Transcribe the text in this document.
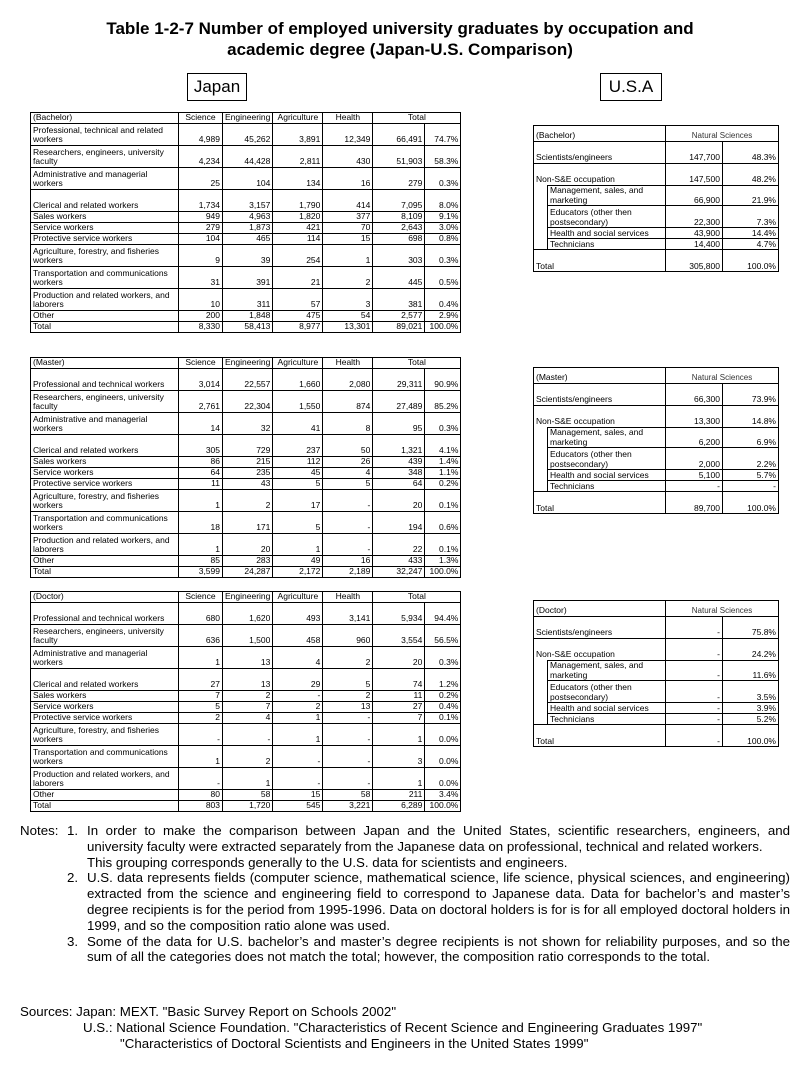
Table 1-2-7 Number of employed university graduates by occupation and
academic degree (Japan-U.S. Comparison)
Japan	U.S.A
(Bachelor)	Science	Engineering	Agriculture	Health	Total	
Professional, technical and related workers	4,989	45,262	3,891	12,349	66,491	74.7%
Researchers, engineers, university faculty	4,234	44,428	2,811	430	51,903	58.3%
Administrative and managerial workers	25	104	134	16	279	0.3%
Clerical and related workers	1,734	3,157	1,790	414	7,095	8.0%
Sales workers	949	4,963	1,820	377	8,109	9.1%
Service workers	279	1,873	421	70	2,643	3.0%
Protective service workers	104	465	114	15	698	0.8%
Agriculture, forestry, and fisheries workers	9	39	254	1	303	0.3%
Transportation and communications workers	31	391	21	2	445	0.5%
Production and related workers, and laborers	10	311	57	3	381	0.4%
Other	200	1,848	475	54	2,577	2.9%
Total	8,330	58,413	8,977	13,301	89,021	100.0%
(Master)	Science	Engineering	Agriculture	Health	Total	
Professional and technical workers	3,014	22,557	1,660	2,080	29,311	90.9%
Researchers, engineers, university faculty	2,761	22,304	1,550	874	27,489	85.2%
Administrative and managerial workers	14	32	41	8	95	0.3%
Clerical and related workers	305	729	237	50	1,321	4.1%
Sales workers	86	215	112	26	439	1.4%
Service workers	64	235	45	4	348	1.1%
Protective service workers	11	43	5	5	64	0.2%
Agriculture, forestry, and fisheries workers	1	2	17	-	20	0.1%
Transportation and communications workers	18	171	5	-	194	0.6%
Production and related workers, and laborers	1	20	1	-	22	0.1%
Other	85	283	49	16	433	1.3%
Total	3,599	24,287	2,172	2,189	32,247	100.0%
(Doctor)	Science	Engineering	Agriculture	Health	Total	
Professional and technical workers	680	1,620	493	3,141	5,934	94.4%
Researchers, engineers, university faculty	636	1,500	458	960	3,554	56.5%
Administrative and managerial workers	1	13	4	2	20	0.3%
Clerical and related workers	27	13	29	5	74	1.2%
Sales workers	7	2	-	2	11	0.2%
Service workers	5	7	2	13	27	0.4%
Protective service workers	2	4	1	-	7	0.1%
Agriculture, forestry, and fisheries workers	-	-	1	-	1	0.0%
Transportation and communications workers	1	2	-	-	3	0.0%
Production and related workers, and laborers	-	1	-	-	1	0.0%
Other	80	58	15	58	211	3.4%
Total	803	1,720	545	3,221	6,289	100.0%
(Bachelor)		Natural Sciences	
Scientists/engineers		147,700	48.3%
Non-S&E occupation		147,500	48.2%
	Management, sales, and marketing	66,900	21.9%
	Educators (other then postsecondary)	22,300	7.3%
	Health and social services	43,900	14.4%
	Technicians	14,400	4.7%
Total		305,800	100.0%
(Master)		Natural Sciences	
Scientists/engineers		66,300	73.9%
Non-S&E occupation		13,300	14.8%
	Management, sales, and marketing	6,200	6.9%
	Educators (other then postsecondary)	2,000	2.2%
	Health and social services	5,100	5.7%
	Technicians	-	-
Total		89,700	100.0%
(Doctor)		Natural Sciences	
Scientists/engineers		-	75.8%
Non-S&E occupation		-	24.2%
	Management, sales, and marketing	-	11.6%
	Educators (other then postsecondary)	-	3.5%
	Health and social services	-	3.9%
	Technicians	-	5.2%
Total		-	100.0%
Notes: 1. In order to make the comparison between Japan and the United States, scientific researchers, engineers, and university faculty were extracted separately from the Japanese data on professional, technical and related workers.
This grouping corresponds generally to the U.S. data for scientists and engineers.
2. U.S. data represents fields (computer science, mathematical science, life science, physical sciences, and engineering) extracted from the science and engineering field to correspond to Japanese data. Data for bachelor’s and master’s degree recipients is for the period from 1995-1996. Data on doctoral holders is for is for all employed doctoral holders in 1999, and so the composition ratio alone was used.
3. Some of the data for U.S. bachelor’s and master’s degree recipients is not shown for reliability purposes, and so the sum of all the categories does not match the total; however, the composition ratio corresponds to the total.
Sources: Japan: MEXT. "Basic Survey Report on Schools 2002"
U.S.: National Science Foundation. "Characteristics of Recent Science and Engineering Graduates 1997"
"Characteristics of Doctoral Scientists and Engineers in the United States 1999"
